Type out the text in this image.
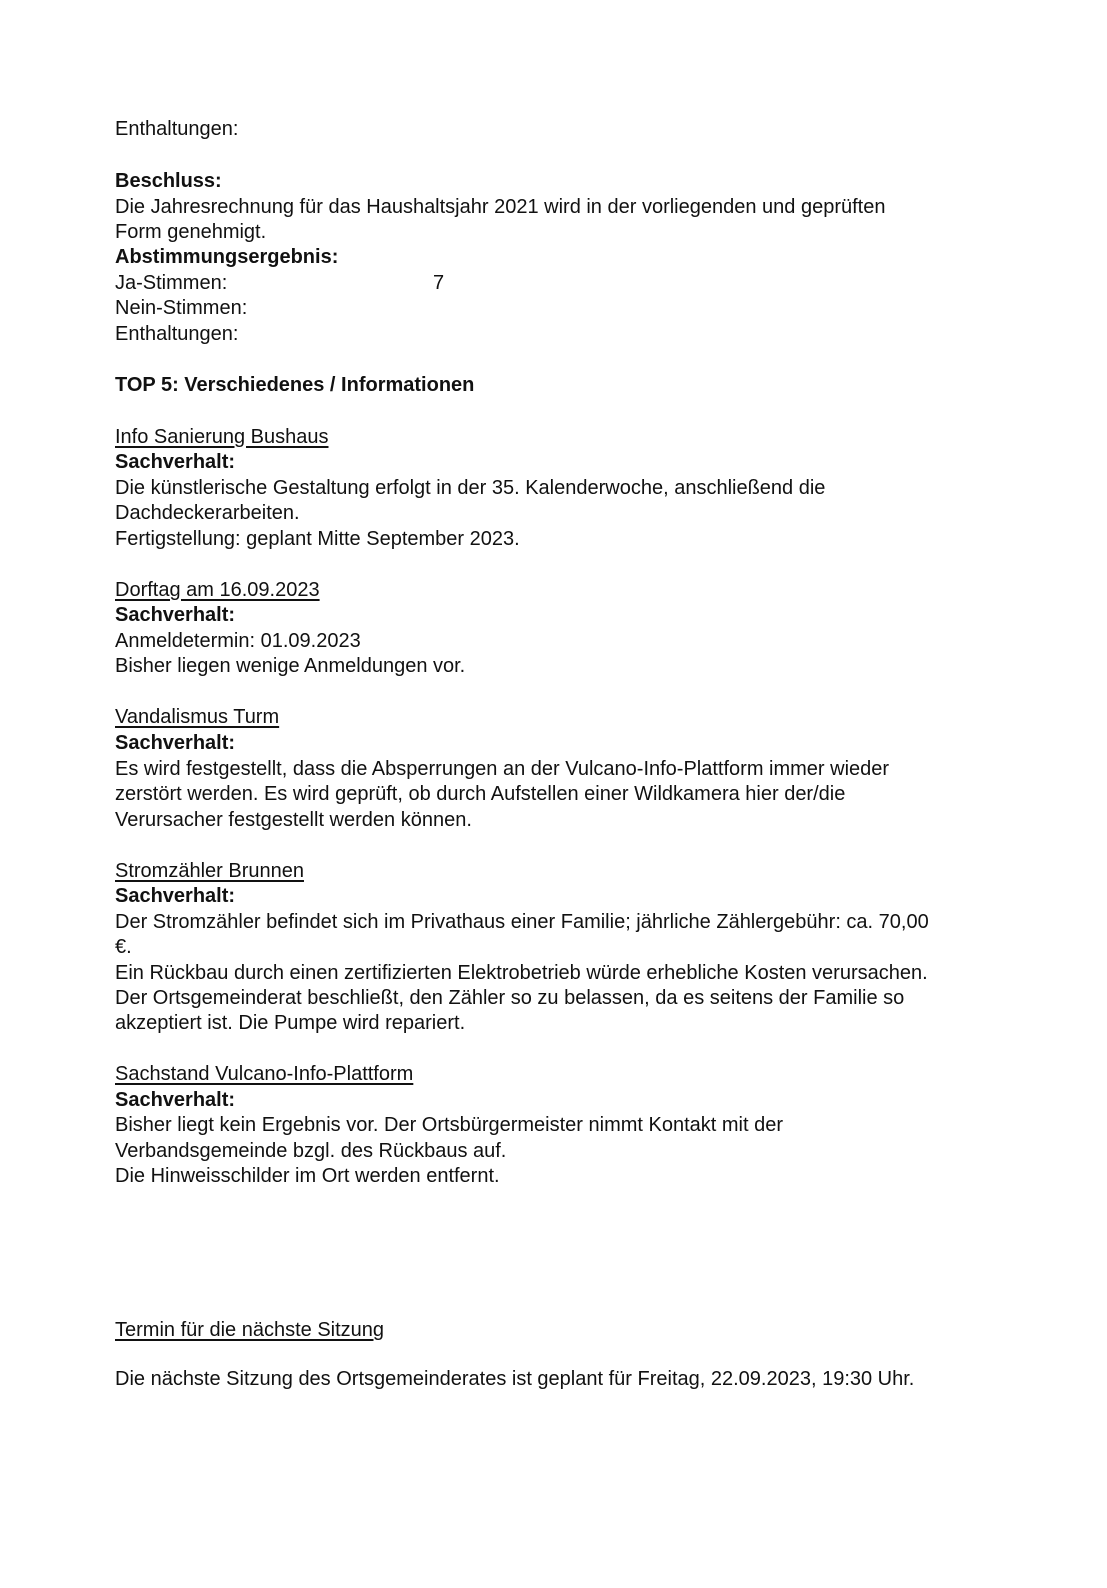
Enthaltungen:
Beschluss:
Die Jahresrechnung für das Haushaltsjahr 2021 wird in der vorliegenden und geprüften
Form genehmigt.
Abstimmungsergebnis:
Ja-Stimmen:	7
Nein-Stimmen:
Enthaltungen:
TOP 5: Verschiedenes / Informationen
Info Sanierung Bushaus
Sachverhalt:
Die künstlerische Gestaltung erfolgt in der 35. Kalenderwoche, anschließend die
Dachdeckerarbeiten.
Fertigstellung: geplant Mitte September 2023.
Dorftag am 16.09.2023
Sachverhalt:
Anmeldetermin: 01.09.2023
Bisher liegen wenige Anmeldungen vor.
Vandalismus Turm
Sachverhalt:
Es wird festgestellt, dass die Absperrungen an der Vulcano-Info-Plattform immer wieder
zerstört werden. Es wird geprüft, ob durch Aufstellen einer Wildkamera hier der/die
Verursacher festgestellt werden können.
Stromzähler Brunnen
Sachverhalt:
Der Stromzähler befindet sich im Privathaus einer Familie; jährliche Zählergebühr: ca. 70,00
€.
Ein Rückbau durch einen zertifizierten Elektrobetrieb würde erhebliche Kosten verursachen.
Der Ortsgemeinderat beschließt, den Zähler so zu belassen, da es seitens der Familie so
akzeptiert ist. Die Pumpe wird repariert.
Sachstand Vulcano-Info-Plattform
Sachverhalt:
Bisher liegt kein Ergebnis vor. Der Ortsbürgermeister nimmt Kontakt mit der
Verbandsgemeinde bzgl. des Rückbaus auf.
Die Hinweisschilder im Ort werden entfernt.
Termin für die nächste Sitzung
Die nächste Sitzung des Ortsgemeinderates ist geplant für Freitag, 22.09.2023, 19:30 Uhr.
